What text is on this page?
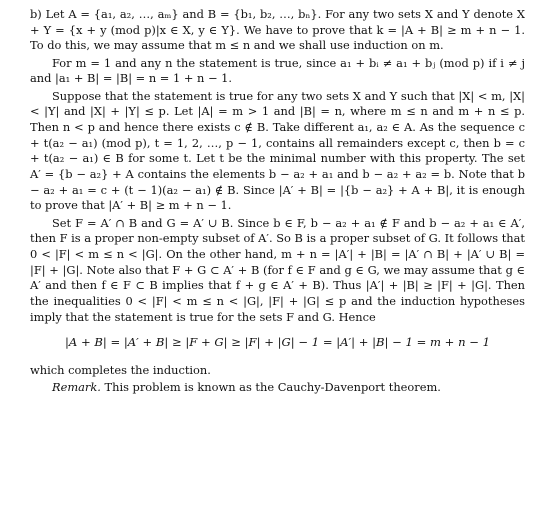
b) Let A = {a₁, a₂, …, aₘ} and B = {b₁, b₂, …, bₙ}. For any two sets X and Y denote X + Y = {x + y (mod p)|x ∈ X, y ∈ Y}. We have to prove that k = |A + B| ≥ m + n − 1. To do this, we may assume that m ≤ n and we shall use induction on m.

For m = 1 and any n the statement is true, since a₁ + bᵢ ≠ a₁ + bⱼ (mod p) if i ≠ j and |a₁ + B| = |B| = n = 1 + n − 1.

Suppose that the statement is true for any two sets X and Y such that |X| < m, |X| < |Y| and |X| + |Y| ≤ p. Let |A| = m > 1 and |B| = n, where m ≤ n and m + n ≤ p. Then n < p and hence there exists c ∉ B. Take different a₁, a₂ ∈ A. As the sequence c + t(a₂ − a₁) (mod p), t = 1, 2, …, p − 1, contains all remainders except c, then b = c + t(a₂ − a₁) ∈ B for some t. Let t be the minimal number with this property. The set A′ = {b − a₂} + A contains the elements b − a₂ + a₁ and b − a₂ + a₂ = b. Note that b − a₂ + a₁ = c + (t − 1)(a₂ − a₁) ∉ B. Since |A′ + B| = |{b − a₂} + A + B|, it is enough to prove that |A′ + B| ≥ m + n − 1.

Set F = A′ ∩ B and G = A′ ∪ B. Since b ∈ F, b − a₂ + a₁ ∉ F and b − a₂ + a₁ ∈ A′, then F is a proper non-empty subset of A′. So B is a proper subset of G. It follows that 0 < |F| < m ≤ n < |G|. On the other hand, m + n = |A′| + |B| = |A′ ∩ B| + |A′ ∪ B| = |F| + |G|. Note also that F + G ⊂ A′ + B (for f ∈ F and g ∈ G, we may assume that g ∈ A′ and then f ∈ F ⊂ B implies that f + g ∈ A′ + B). Thus |A′| + |B| ≥ |F| + |G|. Then the inequalities 0 < |F| < m ≤ n < |G|, |F| + |G| ≤ p and the induction hypotheses imply that the statement is true for the sets F and G. Hence

|A + B| = |A′ + B| ≥ |F + G| ≥ |F| + |G| − 1 = |A′| + |B| − 1 = m + n − 1

which completes the induction.

Remark. This problem is known as the Cauchy-Davenport theorem.
